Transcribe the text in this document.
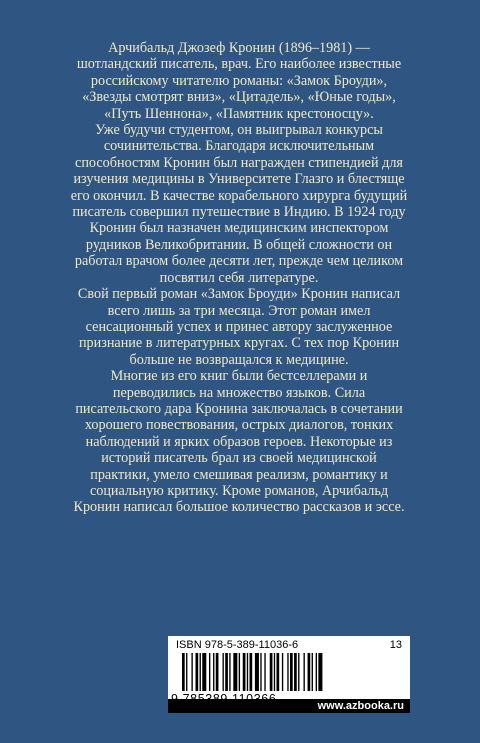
Арчибальд Джозеф Кронин (1896–1981) — шотландский писатель, врач. Его наиболее известные российскому читателю романы: «Замок Броуди», «Звезды смотрят вниз», «Цитадель», «Юные годы», «Путь Шеннона», «Памятник крестоносцу».

Уже будучи студентом, он выигрывал конкурсы сочинительства. Благодаря исключительным способностям Кронин был награжден стипендией для изучения медицины в Университете Глазго и блестяще его окончил. В качестве корабельного хирурга будущий писатель совершил путешествие в Индию. В 1924 году Кронин был назначен медицинским инспектором рудников Великобритании. В общей сложности он работал врачом более десяти лет, прежде чем целиком посвятил себя литературе.

Свой первый роман «Замок Броуди» Кронин написал всего лишь за три месяца. Этот роман имел сенсационный успех и принес автору заслуженное признание в литературных кругах. С тех пор Кронин больше не возвращался к медицине.

Многие из его книг были бестселлерами и переводились на множество языков. Сила писательского дара Кронина заключалась в сочетании хорошего повествования, острых диалогов, тонких наблюдений и ярких образов героев. Некоторые из историй писатель брал из своей медицинской практики, умело смешивая реализм, романтику и социальную критику. Кроме романов, Арчибальд Кронин написал большое количество рассказов и эссе.

ISBN 978-5-389-11036-6	13
www.azbooka.ru
